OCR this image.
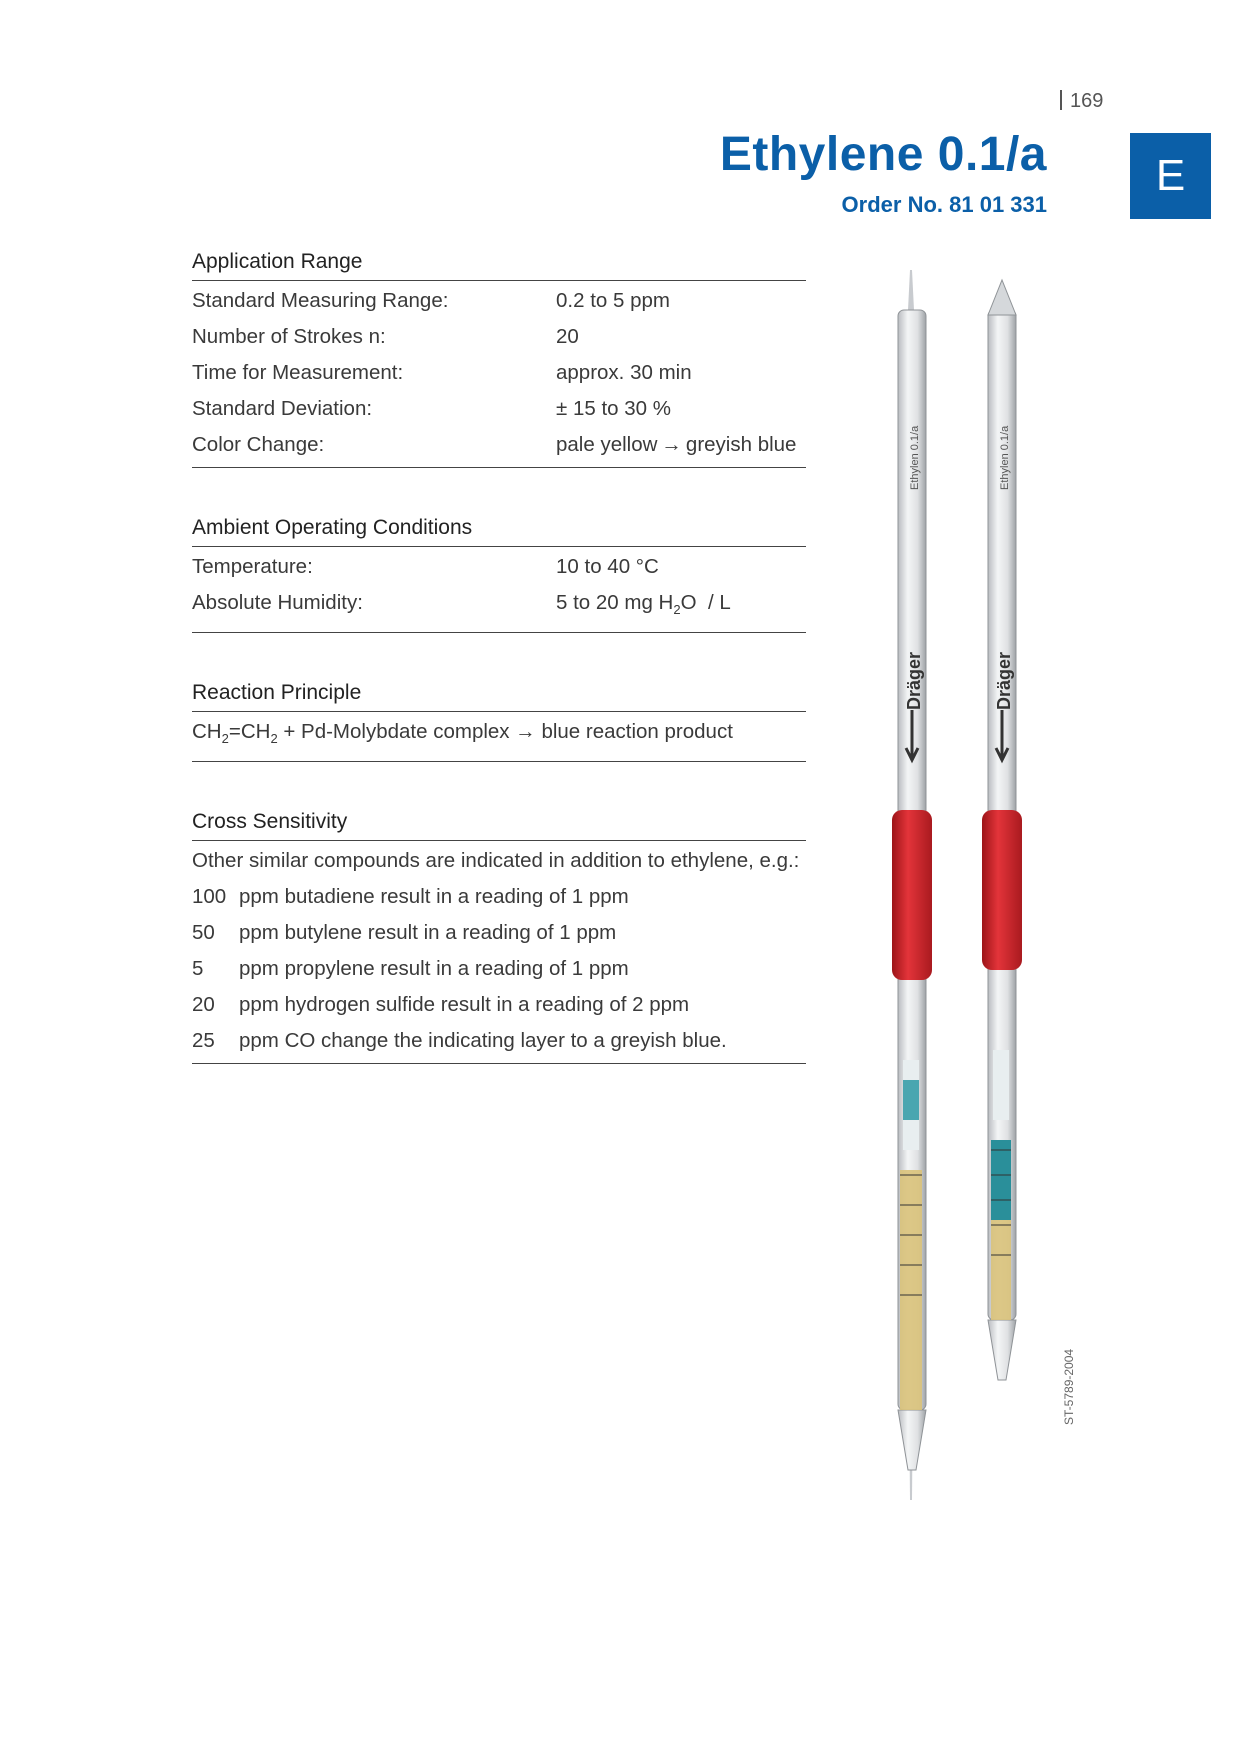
169
Ethylene 0.1/a
Order No. 81 01 331
E
Application Range
Standard Measuring Range:	0.2 to 5 ppm
Number of Strokes n:	20
Time for Measurement:	approx. 30 min
Standard Deviation:	± 15 to 30 %
Color Change:	pale yellow → greyish blue
Ambient Operating Conditions
Temperature:	10 to 40 °C
Absolute Humidity:	5 to 20 mg $H_2O$  / L
Reaction Principle
$CH_2=CH_2$ + Pd-Molybdate complex → blue reaction product
Cross Sensitivity
Other similar compounds are indicated in addition to ethylene, e.g.:
100 ppm butadiene result in a reading of 1 ppm
50	ppm butylene result in a reading of 1 ppm
5	ppm propylene result in a reading of 1 ppm
20	ppm hydrogen sulfide result in a reading of 2 ppm
25	ppm CO change the indicating layer to a greyish blue.
Ethylen 0.1/a
Dräger
Ethylen 0.1/a
Dräger
ST-5789-2004
